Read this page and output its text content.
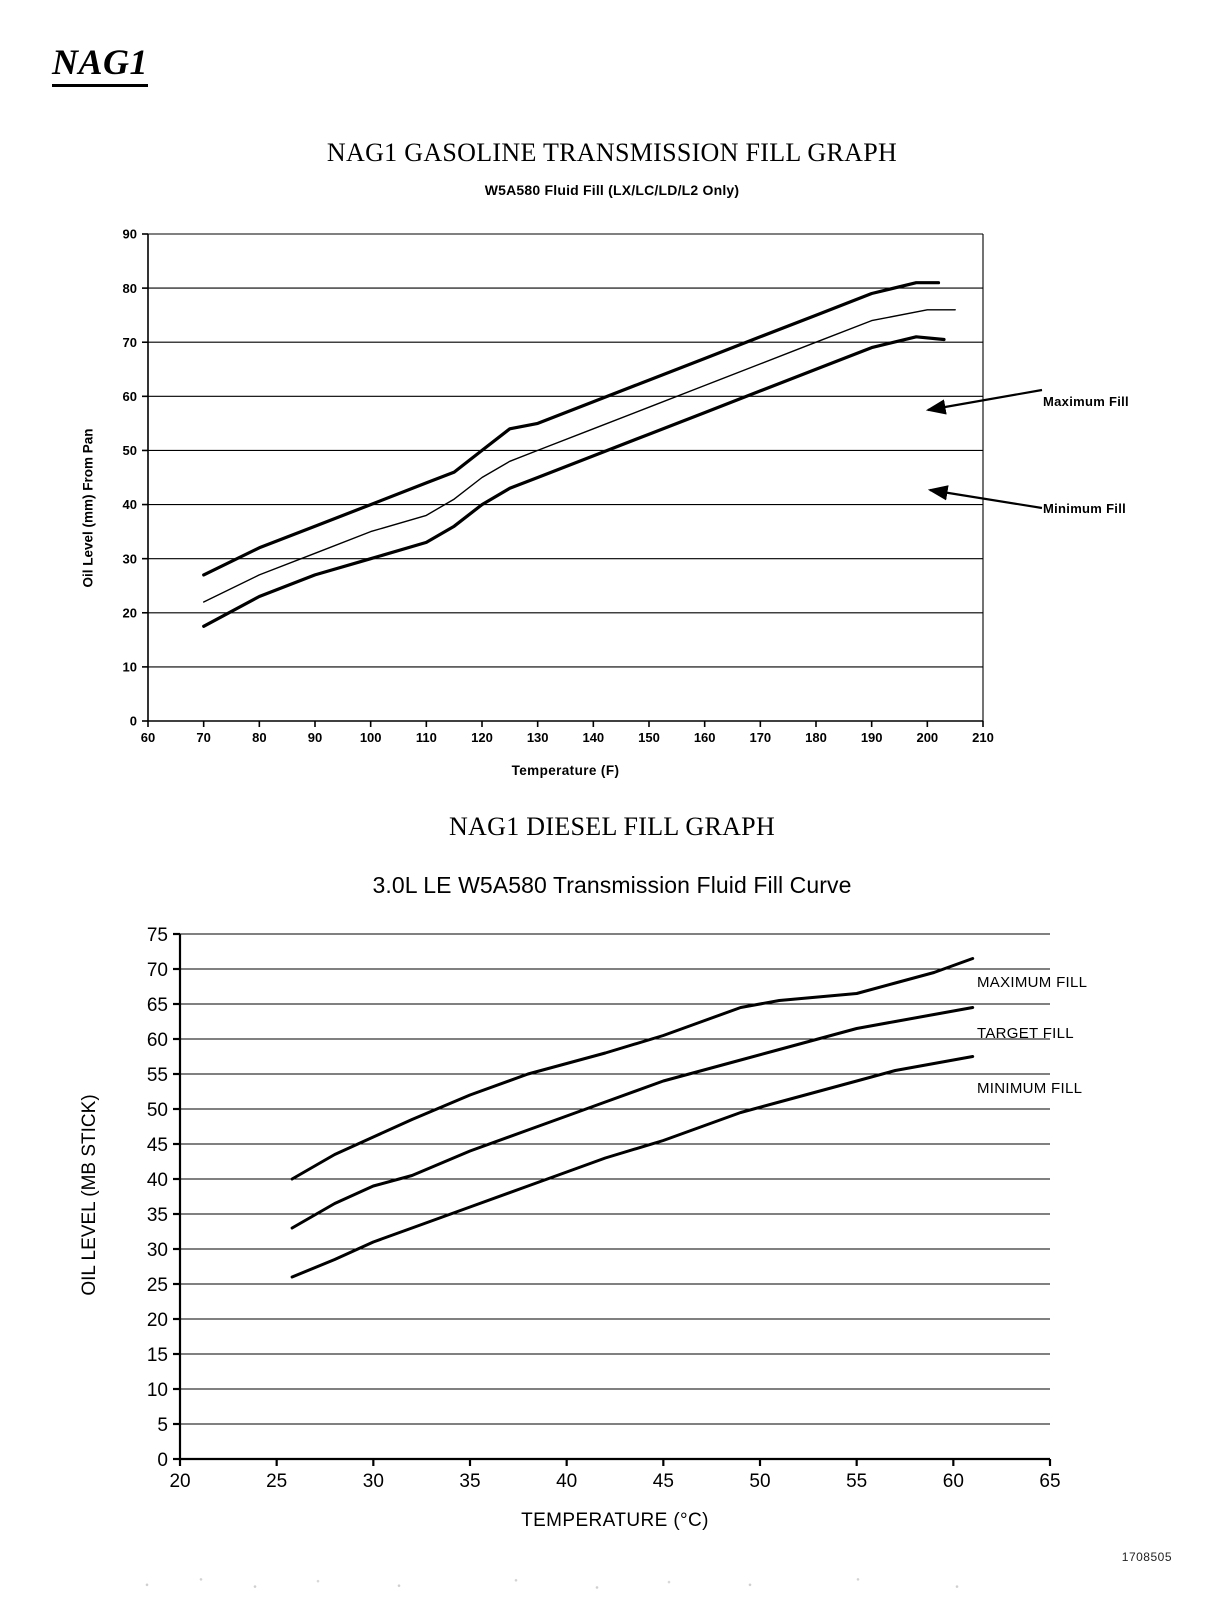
NAG1
NAG1 GASOLINE TRANSMISSION FILL GRAPH
W5A580 Fluid Fill (LX/LC/LD/L2 Only)
Oil Level (mm) From Pan
Temperature (F)
0
10
20
30
40
50
60
70
80
90
60	70	80	90	100	110	120	130	140	150	160	170	180	190	200	210
Maximum Fill
Minimum Fill
NAG1 DIESEL FILL GRAPH
3.0L LE W5A580 Transmission Fluid Fill Curve
OIL LEVEL (MB STICK)
TEMPERATURE (°C)
0
5
10
15
20
25
30
35
40
45
50
55
60
65
70
75
20	25	30	35	40	45	50	55	60	65
MAXIMUM FILL
TARGET FILL
MINIMUM FILL
1708505
